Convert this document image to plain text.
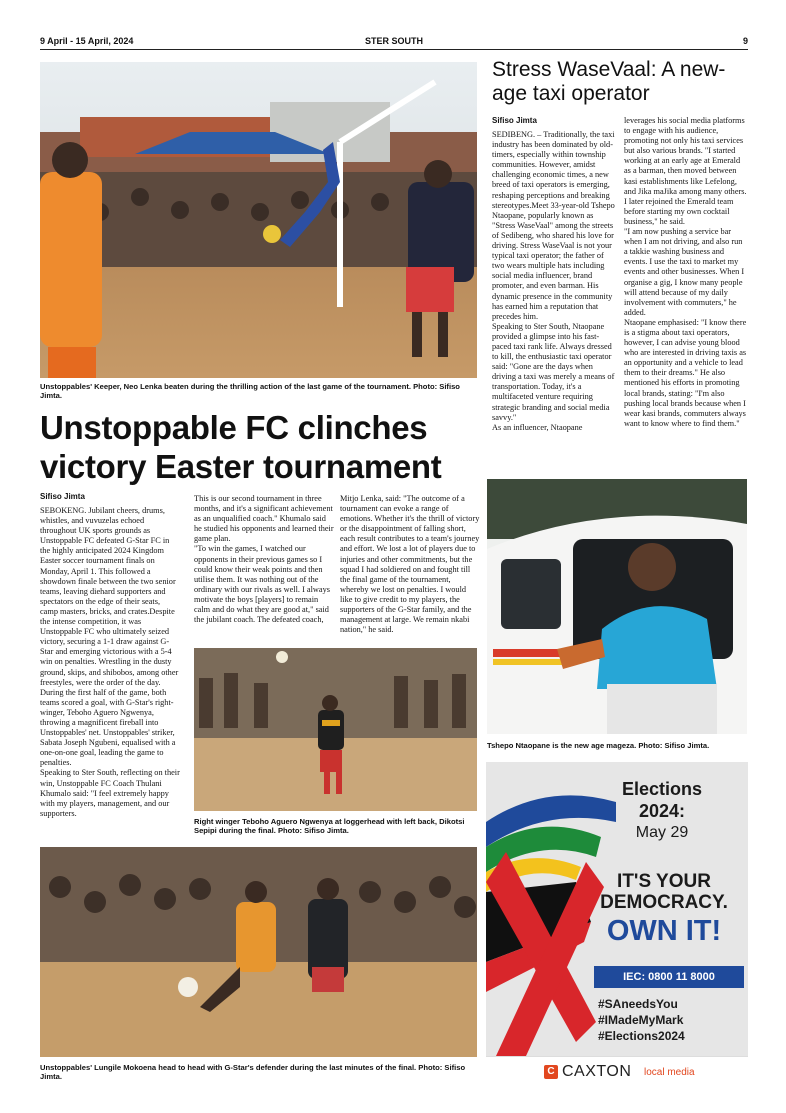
9 April - 15 April, 2024	STER SOUTH	9
Unstoppables' Keeper, Neo Lenka beaten during the thrilling action of the last game of the tournament. Photo: Sifiso Jimta.
Unstoppable FC clinches victory Easter tournament
Sifiso Jimta

SEBOKENG. Jubilant cheers, drums, whistles, and vuvuzelas echoed throughout UK sports grounds as Unstoppable FC defeated G-Star FC in the highly anticipated 2024 Kingdom Easter soccer tournament finals on Monday, April 1. This followed a showdown finale between the two senior teams, leaving diehard supporters and spectators on the edge of their seats, camp masters, bricks, and crates.Despite the intense competition, it was Unstoppable FC who ultimately seized victory, securing a 1-1 draw against G-Star and emerging victorious with a 5-4 win on penalties. Wrestling in the dusty ground, skips, and shibobos, among other freestyles, were the order of the day.

During the first half of the game, both teams scored a goal, with G-Star's right-winger, Teboho Aguero Ngwenya, throwing a magnificent fireball into Unstoppables' net. Unstoppables' striker, Sabata Joseph Ngubeni, equalised with a one-on-one goal, leading the game to penalties.

Speaking to Ster South, reflecting on their win, Unstoppable FC Coach Thulani Khumalo said: "I feel extremely happy with my players, management, and our supporters.

This is our second tournament in three months, and it's a significant achievement as an unqualified coach." Khumalo said he studied his opponents and learned their game plan.

"To win the games, I watched our opponents in their previous games so I could know their weak points and then utilise them. It was nothing out of the ordinary with our rivals as well. I always motivate the boys [players] to remain calm and do what they are good at," said the jubilant coach. The defeated coach,

Mitjo Lenka, said: "The outcome of a tournament can evoke a range of emotions. Whether it's the thrill of victory or the disappointment of falling short, each result contributes to a team's journey and effort. We lost a lot of players due to injuries and other commitments, but the squad I had soldiered on and fought till the final game of the tournament, whereby we lost on penalties. I would like to give credit to my players, the supporters of the G-Star family, and the management at large. We remain nkabi nation," he said.

Right winger Teboho Aguero Ngwenya at loggerhead with left back, Dikotsi Sepipi during the final. Photo: Sifiso Jimta.
Unstoppables' Lungile Mokoena head to head with G-Star's defender during the last minutes of the final. Photo: Sifiso Jimta.
Stress WaseVaal: A new-age taxi operator
Sifiso Jimta

SEDIBENG. – Traditionally, the taxi industry has been dominated by old-timers, especially within township communities. However, amidst challenging economic times, a new breed of taxi operators is emerging, reshaping perceptions and breaking stereotypes.Meet 33-year-old Tshepo Ntaopane, popularly known as "Stress WaseVaal" among the streets of Sedibeng, who shared his love for driving. Stress WaseVaal is not your typical taxi operator; the father of two wears multiple hats including social media influencer, brand promoter, and even barman. His dynamic presence in the community has earned him a reputation that precedes him.

Speaking to Ster South, Ntaopane provided a glimpse into his fast-paced taxi rank life. Always dressed to kill, the enthusiastic taxi operator said: "Gone are the days when driving a taxi was merely a means of transportation. Today, it's a multifaceted venture requiring strategic branding and social media savvy."

As an influencer, Ntaopane

leverages his social media platforms to engage with his audience, promoting not only his taxi services but also various brands. "I started working at an early age at Emerald as a barman, then moved between kasi establishments like Lefelong, and Jika maJika among many others. I later rejoined the Emerald team before starting my own cocktail business," he said.

"I am now pushing a service bar when I am not driving, and also run a takkie washing business and events. I use the taxi to market my events and other businesses. When I organise a gig, I know many people will attend because of my daily involvement with commuters," he added.

Ntaopane emphasised: "I know there is a stigma about taxi operators, however, I can advise young blood who are interested in driving taxis as an opportunity and a vehicle to lead them to their dreams." He also mentioned his efforts in promoting local brands, stating: "I'm also pushing local brands because when I wear kasi brands, commuters always want to know where to find them."

Tshepo Ntaopane is the new age mageza. Photo: Sifiso Jimta.
Elections
2024:
May 29
IT'S YOUR
DEMOCRACY.
OWN IT!
IEC: 0800 11 8000
#SAneedsYou
#IMadeMyMark
#Elections2024
C CAXTON local media
